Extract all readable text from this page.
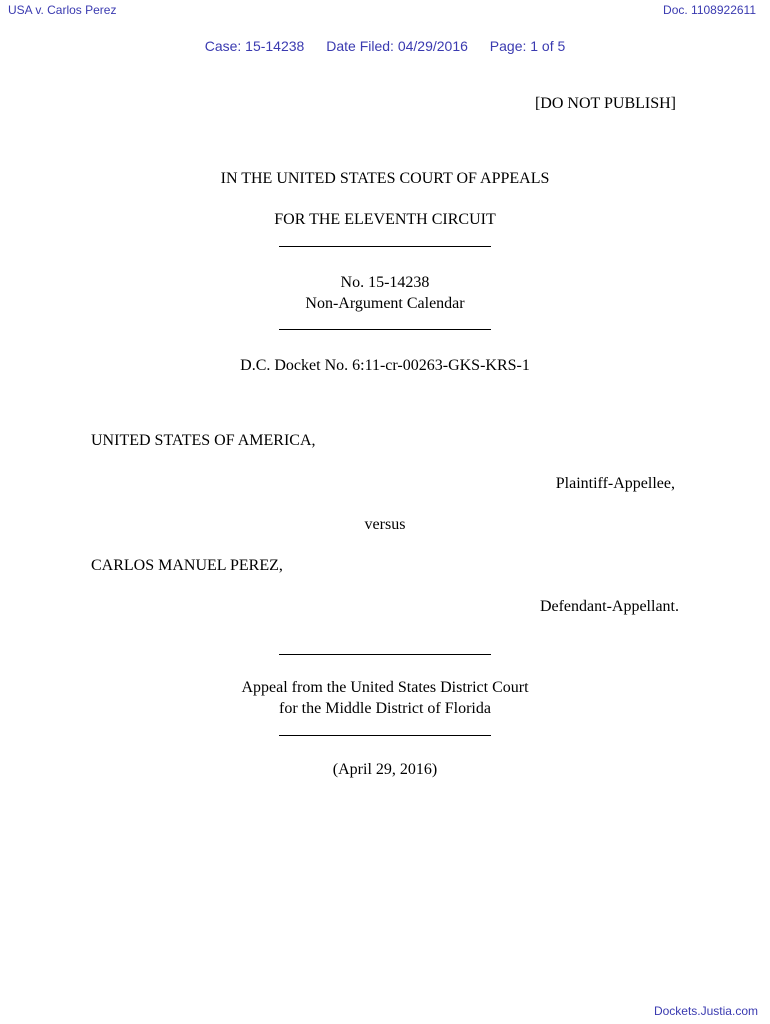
USA v. Carlos Perez	Doc. 1108922611
Case: 15-14238 Date Filed: 04/29/2016 Page: 1 of 5
[DO NOT PUBLISH]
IN THE UNITED STATES COURT OF APPEALS
FOR THE ELEVENTH CIRCUIT
No. 15-14238
Non-Argument Calendar
D.C. Docket No. 6:11-cr-00263-GKS-KRS-1
UNITED STATES OF AMERICA,
Plaintiff-Appellee,
versus
CARLOS MANUEL PEREZ,
Defendant-Appellant.
Appeal from the United States District Court
for the Middle District of Florida
(April 29, 2016)
Dockets.Justia.com
